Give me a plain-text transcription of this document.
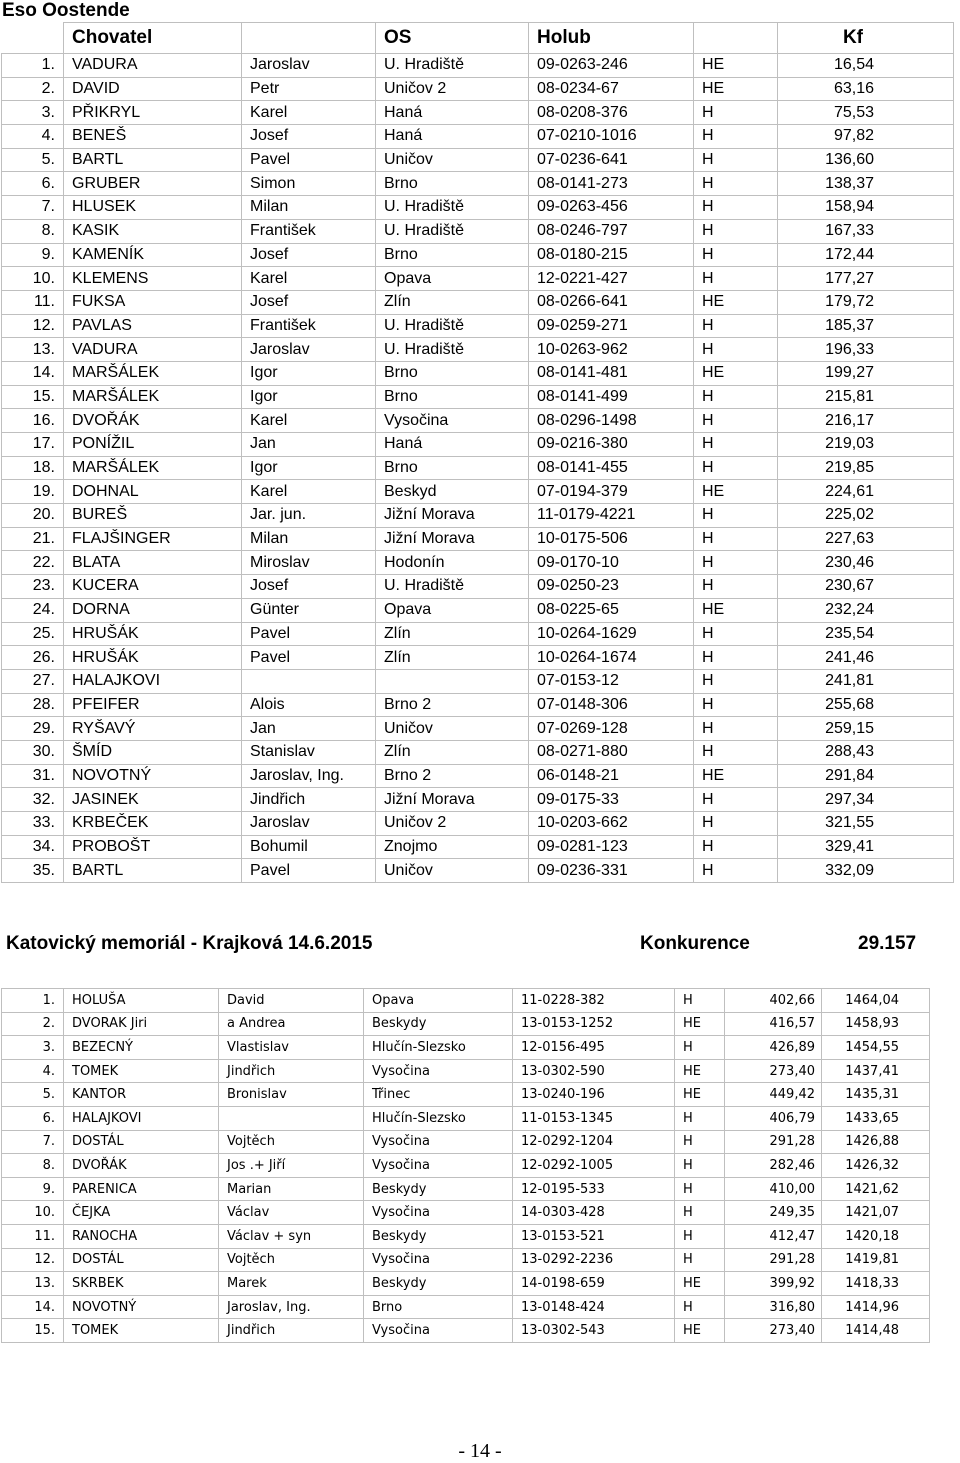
Eso Oostende
	Chovatel		OS	Holub		Kf
1.	VADURA	Jaroslav	U. Hradiště	09-0263-246	HE	16,54
2.	DAVID	Petr	Uničov 2	08-0234-67	HE	63,16
3.	PŘIKRYL	Karel	Haná	08-0208-376	H	75,53
4.	BENEŠ	Josef	Haná	07-0210-1016	H	97,82
5.	BARTL	Pavel	Uničov	07-0236-641	H	136,60
6.	GRUBER	Simon	Brno	08-0141-273	H	138,37
7.	HLUSEK	Milan	U. Hradiště	09-0263-456	H	158,94
8.	KASIK	František	U. Hradiště	08-0246-797	H	167,33
9.	KAMENÍK	Josef	Brno	08-0180-215	H	172,44
10.	KLEMENS	Karel	Opava	12-0221-427	H	177,27
11.	FUKSA	Josef	Zlín	08-0266-641	HE	179,72
12.	PAVLAS	František	U. Hradiště	09-0259-271	H	185,37
13.	VADURA	Jaroslav	U. Hradiště	10-0263-962	H	196,33
14.	MARŠÁLEK	Igor	Brno	08-0141-481	HE	199,27
15.	MARŠÁLEK	Igor	Brno	08-0141-499	H	215,81
16.	DVOŘÁK	Karel	Vysočina	08-0296-1498	H	216,17
17.	PONÍŽIL	Jan	Haná	09-0216-380	H	219,03
18.	MARŠÁLEK	Igor	Brno	08-0141-455	H	219,85
19.	DOHNAL	Karel	Beskyd	07-0194-379	HE	224,61
20.	BUREŠ	Jar. jun.	Jižní Morava	11-0179-4221	H	225,02
21.	FLAJŠINGER	Milan	Jižní Morava	10-0175-506	H	227,63
22.	BLATA	Miroslav	Hodonín	09-0170-10	H	230,46
23.	KUCERA	Josef	U. Hradiště	09-0250-23	H	230,67
24.	DORNA	Günter	Opava	08-0225-65	HE	232,24
25.	HRUŠÁK	Pavel	Zlín	10-0264-1629	H	235,54
26.	HRUŠÁK	Pavel	Zlín	10-0264-1674	H	241,46
27.	HALAJKOVI			07-0153-12	H	241,81
28.	PFEIFER	Alois	Brno 2	07-0148-306	H	255,68
29.	RYŠAVÝ	Jan	Uničov	07-0269-128	H	259,15
30.	ŠMÍD	Stanislav	Zlín	08-0271-880	H	288,43
31.	NOVOTNÝ	Jaroslav, Ing.	Brno 2	06-0148-21	HE	291,84
32.	JASINEK	Jindřich	Jižní Morava	09-0175-33	H	297,34
33.	KRBEČEK	Jaroslav	Uničov 2	10-0203-662	H	321,55
34.	PROBOŠT	Bohumil	Znojmo	09-0281-123	H	329,41
35.	BARTL	Pavel	Uničov	09-0236-331	H	332,09
Katovický memoriál - Krajková 14.6.2015	Konkurence	29.157
1.	HOLUŠA	David	Opava	11-0228-382	H	402,66	1464,04
2.	DVORAK Jiri	a Andrea	Beskydy	13-0153-1252	HE	416,57	1458,93
3.	BEZECNÝ	Vlastislav	Hlučín-Slezsko	12-0156-495	H	426,89	1454,55
4.	TOMEK	Jindřich	Vysočina	13-0302-590	HE	273,40	1437,41
5.	KANTOR	Bronislav	Třinec	13-0240-196	HE	449,42	1435,31
6.	HALAJKOVI		Hlučín-Slezsko	11-0153-1345	H	406,79	1433,65
7.	DOSTÁL	Vojtěch	Vysočina	12-0292-1204	H	291,28	1426,88
8.	DVOŘÁK	Jos .+ Jiří	Vysočina	12-0292-1005	H	282,46	1426,32
9.	PARENICA	Marian	Beskydy	12-0195-533	H	410,00	1421,62
10.	ČEJKA	Václav	Vysočina	14-0303-428	H	249,35	1421,07
11.	RANOCHA	Václav + syn	Beskydy	13-0153-521	H	412,47	1420,18
12.	DOSTÁL	Vojtěch	Vysočina	13-0292-2236	H	291,28	1419,81
13.	SKRBEK	Marek	Beskydy	14-0198-659	HE	399,92	1418,33
14.	NOVOTNÝ	Jaroslav, Ing.	Brno	13-0148-424	H	316,80	1414,96
15.	TOMEK	Jindřich	Vysočina	13-0302-543	HE	273,40	1414,48
- 14 -
